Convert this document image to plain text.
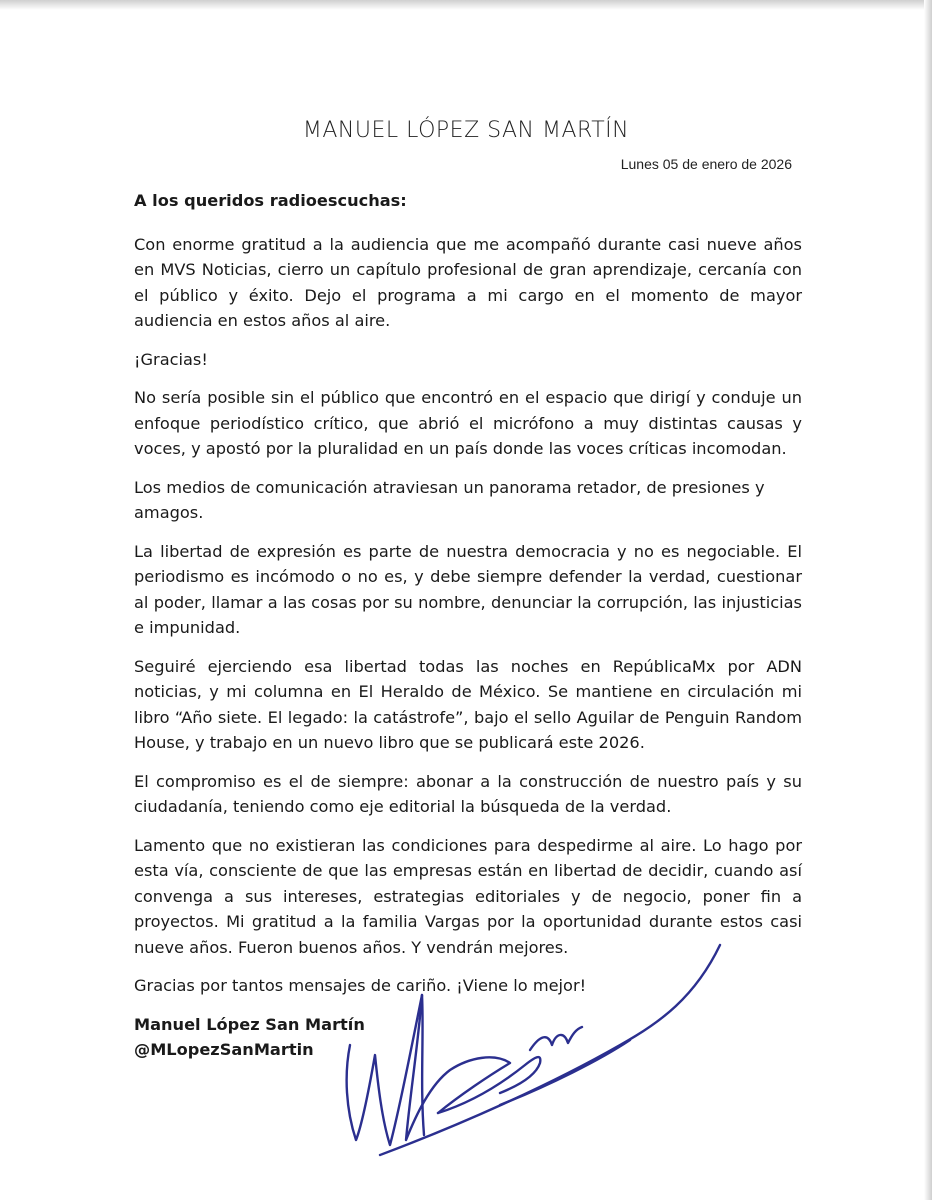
MANUEL LÓPEZ SAN MARTÍN
Lunes 05 de enero de 2026
A los queridos radioescuchas:

Con enorme gratitud a la audiencia que me acompañó durante casi nueve años en MVS Noticias, cierro un capítulo profesional de gran aprendizaje, cercanía con el público y éxito. Dejo el programa a mi cargo en el momento de mayor audiencia en estos años al aire.

¡Gracias!

No sería posible sin el público que encontró en el espacio que dirigí y conduje un enfoque periodístico crítico, que abrió el micrófono a muy distintas causas y voces, y apostó por la pluralidad en un país donde las voces críticas incomodan.

Los medios de comunicación atraviesan un panorama retador, de presiones y amagos.

La libertad de expresión es parte de nuestra democracia y no es negociable. El periodismo es incómodo o no es, y debe siempre defender la verdad, cuestionar al poder, llamar a las cosas por su nombre, denunciar la corrupción, las injusticias e impunidad.

Seguiré ejerciendo esa libertad todas las noches en RepúblicaMx por ADN noticias, y mi columna en El Heraldo de México. Se mantiene en circulación mi libro “Año siete. El legado: la catástrofe”, bajo el sello Aguilar de Penguin Random House, y trabajo en un nuevo libro que se publicará este 2026.

El compromiso es el de siempre: abonar a la construcción de nuestro país y su ciudadanía, teniendo como eje editorial la búsqueda de la verdad.

Lamento que no existieran las condiciones para despedirme al aire. Lo hago por esta vía, consciente de que las empresas están en libertad de decidir, cuando así convenga a sus intereses, estrategias editoriales y de negocio, poner fin a proyectos. Mi gratitud a la familia Vargas por la oportunidad durante estos casi nueve años. Fueron buenos años. Y vendrán mejores.

Gracias por tantos mensajes de cariño. ¡Viene lo mejor!

Manuel López San Martín
@MLopezSanMartin
